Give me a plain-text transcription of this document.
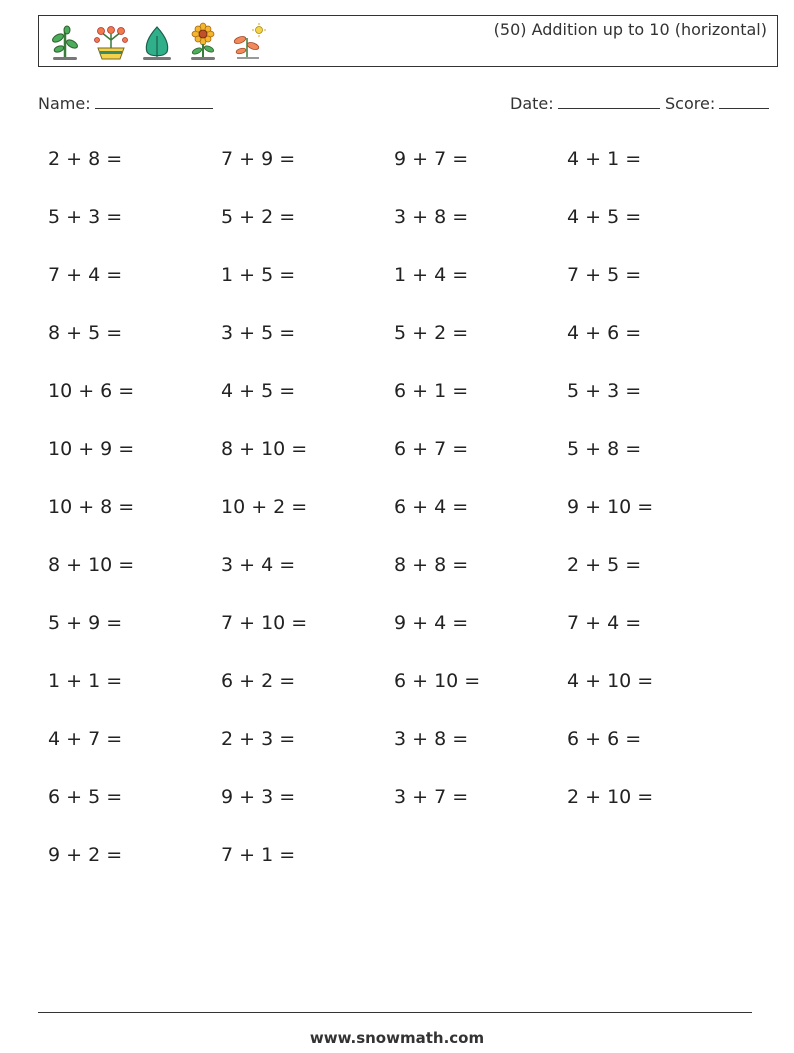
(50) Addition up to 10 (horizontal)
Name:	Date:	Score:
2 + 8 =	7 + 9 =	9 + 7 =	4 + 1 =
5 + 3 =	5 + 2 =	3 + 8 =	4 + 5 =
7 + 4 =	1 + 5 =	1 + 4 =	7 + 5 =
8 + 5 =	3 + 5 =	5 + 2 =	4 + 6 =
10 + 6 =	4 + 5 =	6 + 1 =	5 + 3 =
10 + 9 =	8 + 10 =	6 + 7 =	5 + 8 =
10 + 8 =	10 + 2 =	6 + 4 =	9 + 10 =
8 + 10 =	3 + 4 =	8 + 8 =	2 + 5 =
5 + 9 =	7 + 10 =	9 + 4 =	7 + 4 =
1 + 1 =	6 + 2 =	6 + 10 =	4 + 10 =
4 + 7 =	2 + 3 =	3 + 8 =	6 + 6 =
6 + 5 =	9 + 3 =	3 + 7 =	2 + 10 =
9 + 2 =	7 + 1 =
www.snowmath.com
